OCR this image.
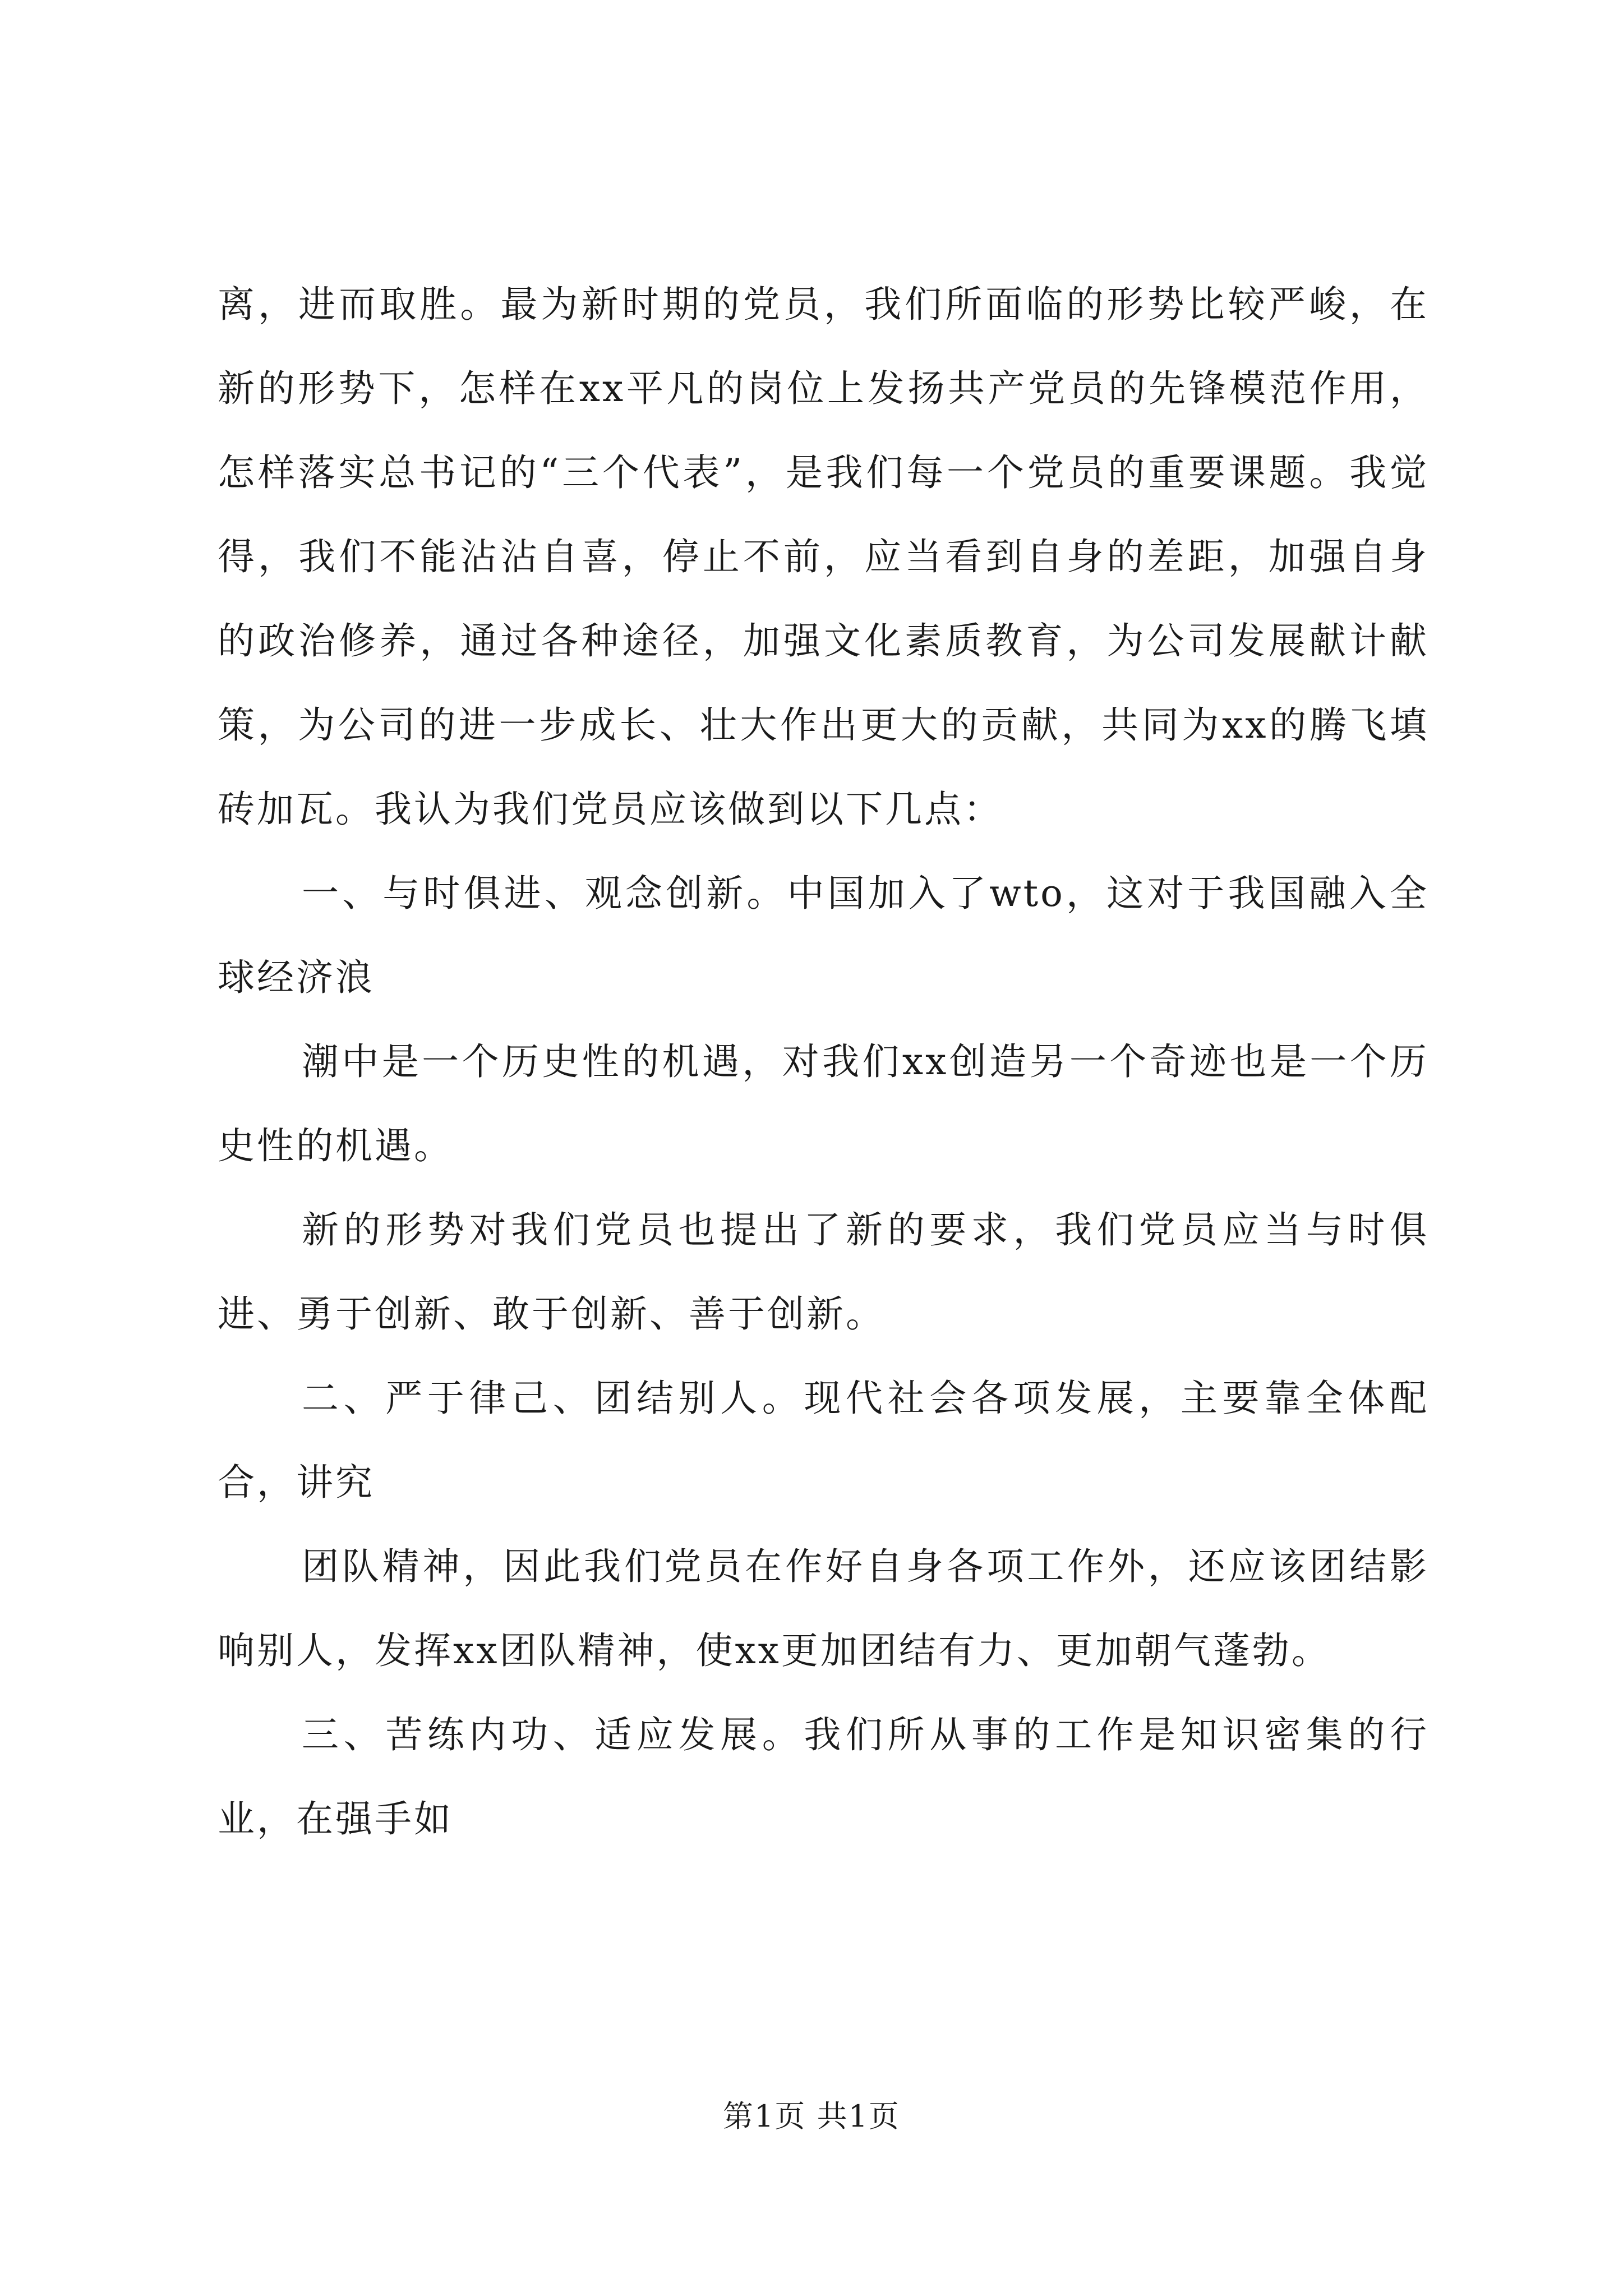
离，进而取胜。最为新时期的党员，我们所面临的形势比较严峻，在新的形势下，怎样在xx平凡的岗位上发扬共产党员的先锋模范作用，怎样落实总书记的“三个代表”，是我们每一个党员的重要课题。我觉得，我们不能沾沾自喜，停止不前，应当看到自身的差距，加强自身的政治修养，通过各种途径，加强文化素质教育，为公司发展献计献策，为公司的进一步成长、壮大作出更大的贡献，共同为xx的腾飞填砖加瓦。我认为我们党员应该做到以下几点：

一、与时俱进、观念创新。中国加入了wto，这对于我国融入全球经济浪

潮中是一个历史性的机遇，对我们xx创造另一个奇迹也是一个历史性的机遇。

新的形势对我们党员也提出了新的要求，我们党员应当与时俱进、勇于创新、敢于创新、善于创新。

二、严于律己、团结别人。现代社会各项发展，主要靠全体配合，讲究

团队精神，因此我们党员在作好自身各项工作外，还应该团结影响别人，发挥xx团队精神，使xx更加团结有力、更加朝气蓬勃。

三、苦练内功、适应发展。我们所从事的工作是知识密集的行业，在强手如

第1页 共1页
